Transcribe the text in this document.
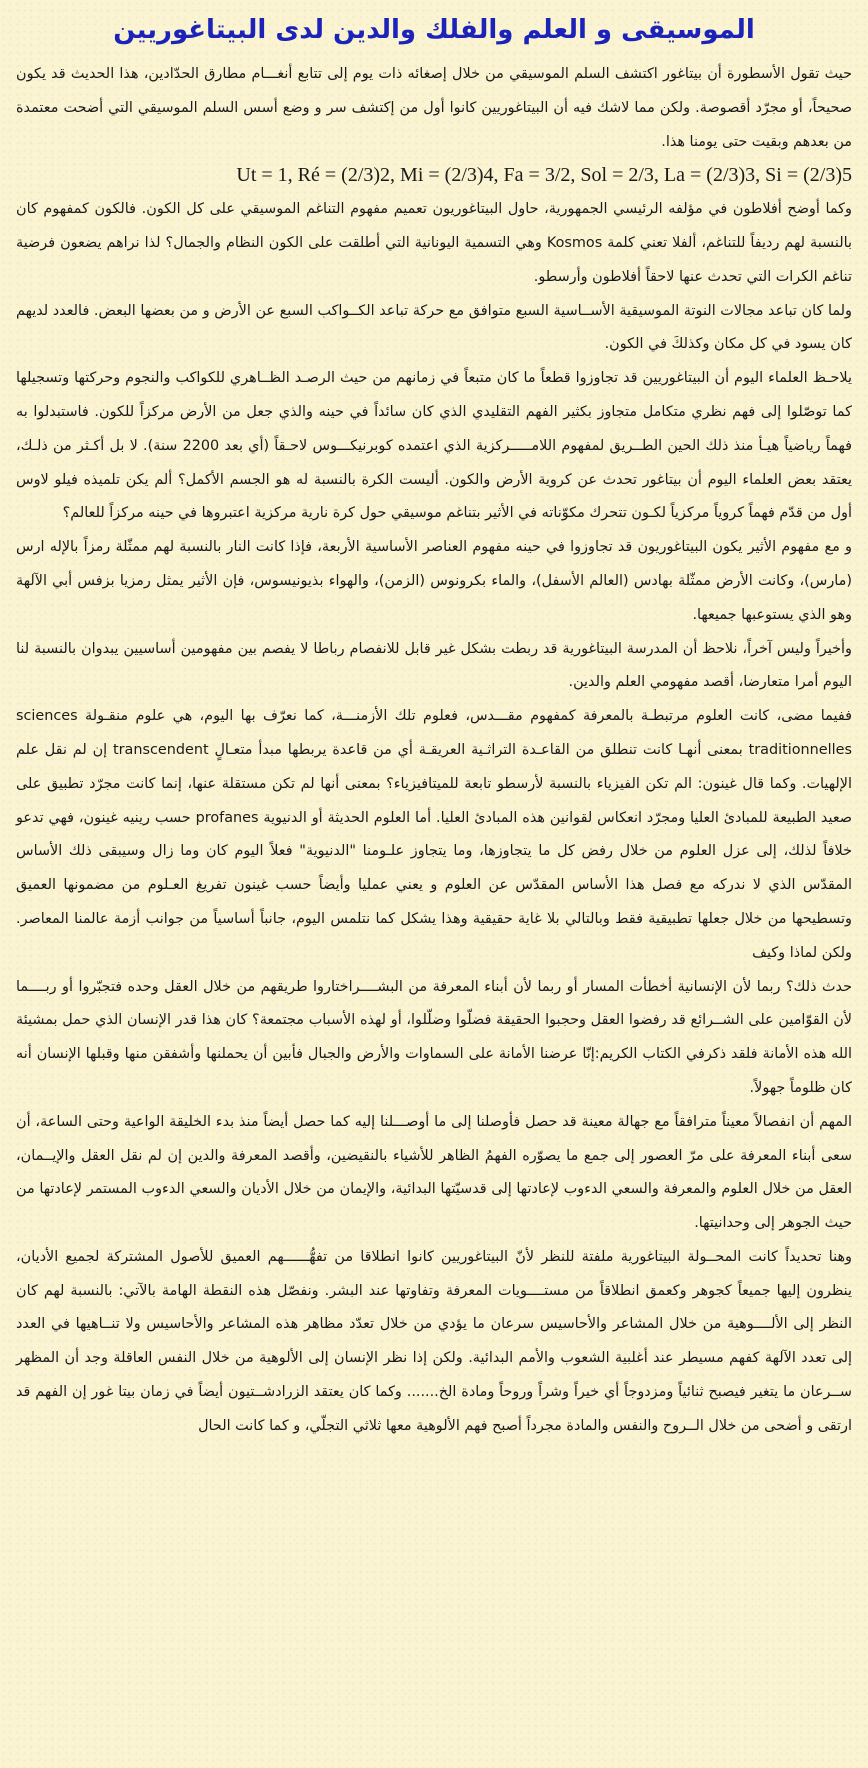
الموسيقى و العلم والفلك والدين لدى البيتاغوريين

حيث تقول الأسطورة أن بيتاغور اكتشف السلم الموسيقي من خلال إصغائه ذات يوم إلى تتابع أنغـــام مطارق الحدّادين، هذا الحديث قد يكون صحيحاً، أو مجرّد أقصوصة. ولكن مما لاشك فيه أن البيتاغوريين كانوا أول من إكتشف سر و وضع أسس السلم الموسيقي التي أضحت معتمدة من بعدهم وبقيت حتى يومنا هذا.

Ut = 1, Ré = (2/3)2, Mi = (2/3)4, Fa = 3/2, Sol = 2/3, La = (2/3)3, Si = (2/3)5

وكما أوضح أفلاطون في مؤلفه الرئيسي الجمهورية، حاول البيتاغوريون تعميم مفهوم التناغم الموسيقي على كل الكون. فالكون كمفهوم كان بالنسبة لهم رديفاً للتناغم، ألفلا تعني كلمة Kosmos وهي التسمية اليونانية التي أطلقت على الكون النظام والجمال؟ لذا نراهم يضعون فرضية تناغم الكرات التي تحدث عنها لاحقاً أفلاطون وأرسطو.

ولما كان تباعد مجالات النوتة الموسيقية الأســاسية السبع متوافق مع حركة تباعد الكــواكب السبع عن الأرض و من بعضها البعض. فالعدد لديهم كان يسود في كل مكان وكذلكَ في الكون.

يلاحـظ العلماء اليوم أن البيتاغوريين قد تجاوزوا قطعاً ما كان متبعاً في زمانهم من حيث الرصـد الظــاهري للكواكب والنجوم وحركتها وتسجيلها كما توصّلوا إلى فهم نظري متكامل متجاوز بكثير الفهم التقليدي الذي كان سائداً في حينه والذي جعل من الأرض مركزاً للكون. فاستبدلوا به فهماً رياضياً هيـأ منذ ذلك الحين الطــريق لمفهوم اللامـــــركزية الذي اعتمده كوبرنيكـــوس لاحـقاً (أي بعد 2200 سنة). لا بل أكـثر من ذلـك، يعتقد بعض العلماء اليوم أن بيتاغور تحدث عن كروية الأرض والكون. أليست الكرة بالنسبة له هو الجسم الأكمل؟ ألم يكن تلميذه فيلو لاوس أول من قدّم فهماً كروياً مركزياً لكـون تتحرك مكوّناته في الأثير بتناغم موسيقي حول كرة نارية مركزية اعتبروها في حينه مركزاً للعالم؟

و مع مفهوم الأثير يكون البيتاغوريون قد تجاوزوا في حينه مفهوم العناصر الأساسية الأربعة، فإذا كانت النار بالنسبة لهم ممثّلة رمزاً بالإله ارس (مارس)، وكانت الأرض ممثّلة بهادس (العالم الأسفل)، والماء بكرونوس (الزمن)، والهواء بذيونيسوس، فإن الأثير يمثل رمزيا بزفس أبي الآلهة وهو الذي يستوعبها جميعها.

وأخيراً وليس آخراً، نلاحظ أن المدرسة البيتاغورية قد ربطت بشكل غير قابل للانفصام رباطا لا يفصم بين مفهومين أساسيين يبدوان بالنسبة لنا اليوم أمرا متعارضا، أقصد مفهومي العلم والدين.

ففيما مضى، كانت العلوم مرتبطـة بالمعرفة كمفهوم مقـــدس، فعلوم تلك الأزمنـــة، كما نعرّف بها اليوم، هي علوم منقـولة sciences traditionnelles بمعنى أنهـا كانت تنطلق من القاعـدة التراثـية العريقـة أي من قاعدة يربطها مبدأ متعـالٍ transcendent إن لم نقل علم الإلهيات. وكما قال غينون: الم تكن الفيزياء بالنسبة لأرسطو تابعة للميتافيزياء؟ بمعنى أنها لم تكن مستقلة عنها، إنما كانت مجرّد تطبيق على صعيد الطبيعة للمبادئ العليا ومجرّد انعكاس لقوانين هذه المبادئ العليا. أما العلوم الحديثة أو الدنيوية profanes حسب رينيه غينون، فهي تدعو خلافاً لذلك، إلى عزل العلوم من خلال رفض كل ما يتجاوزها، وما يتجاوز علـومنا "الدنيوية" فعلاً اليوم كان وما زال وسيبقى ذلك الأساس المقدّس الذي لا ندركه مع فصل هذا الأساس المقدّس عن العلوم و يعني عمليا وأيضاً حسب غينون تفريغ العـلوم من مضمونها العميق وتسطيحها من خلال جعلها تطبيقية فقط وبالتالي بلا غاية حقيقية وهذا يشكل كما نتلمس اليوم، جانباً أساسياً من جوانب أزمة عالمنا المعاصر. ولكن لماذا وكيف

حدث ذلك؟ ربما لأن الإنسانية أخطأت المسار أو ربما لأن أبناء المعرفة من البشــــراختاروا طريقهم من خلال العقل وحده فتجبّروا أو ربــــما لأن القوّامين على الشــرائع قد رفضوا العقل وحجبوا الحقيقة فضلّوا وضلّلوا، أو لهذه الأسباب مجتمعة؟ كان هذا قدر الإنسان الذي حمل بمشيئة الله هذه الأمانة فلقد ذكرفي الكتاب الكريم:إنّا عرضنا الأمانة على السماوات والأرض والجبال فأبين أن يحملنها وأشفقن منها وقبلها الإنسان أنه كان ظلوماً جهولاً.

المهم أن انفصالاً معيناً مترافقاً مع جهالة معينة قد حصل فأوصلنا إلى ما أوصـــلنا إليه كما حصل أيضاً منذ بدء الخليقة الواعية وحتى الساعة، أن سعى أبناء المعرفة على مرّ العصور إلى جمع ما يصوّره الفهمُ الظاهر للأشياء بالنقيضين، وأقصد المعرفة والدين إن لم نقل العقل والإيــمان، العقل من خلال العلوم والمعرفة والسعي الدءوب لإعادتها إلى قدسيّتها البدائية، والإيمان من خلال الأديان والسعي الدءوب المستمر لإعادتها من حيث الجوهر إلى وحدانيتها.

وهنا تحديداً كانت المحــولة البيتاغورية ملفتة للنظر لأنّ البيتاغوريين كانوا انطلاقا من تفهُّــــــهم العميق للأصول المشتركة لجميع الأديان، ينظرون إليها جميعاً كجوهر وكعمق انطلاقاً من مستــــويات المعرفة وتفاوتها عند البشر. ونفصّل هذه النقطة الهامة بالآتي: بالنسبة لهم كان النظر إلى الألــــوهية من خلال المشاعر والأحاسيس سرعان ما يؤدي من خلال تعدّد مظاهر هذه المشاعر والأحاسيس ولا تنــاهيها في العدد إلى تعدد الآلهة كفهم مسيطر عند أغلبية الشعوب والأمم البدائية. ولكن إذا نظر الإنسان إلى الألوهية من خلال النفس العاقلة وجد أن المظهر ســرعان ما يتغير فيصبح ثنائياً ومزدوجاً أي خيراً وشراً وروحاً ومادة الخ....... وكما كان يعتقد الزرادشــتيون أيضاً في زمان بيتا غور إن الفهم قد ارتقى و أضحى من خلال الــروح والنفس والمادة مجرداً أصبح فهم الألوهية معها ثلاثي التجلّي، و كما كانت الحال
